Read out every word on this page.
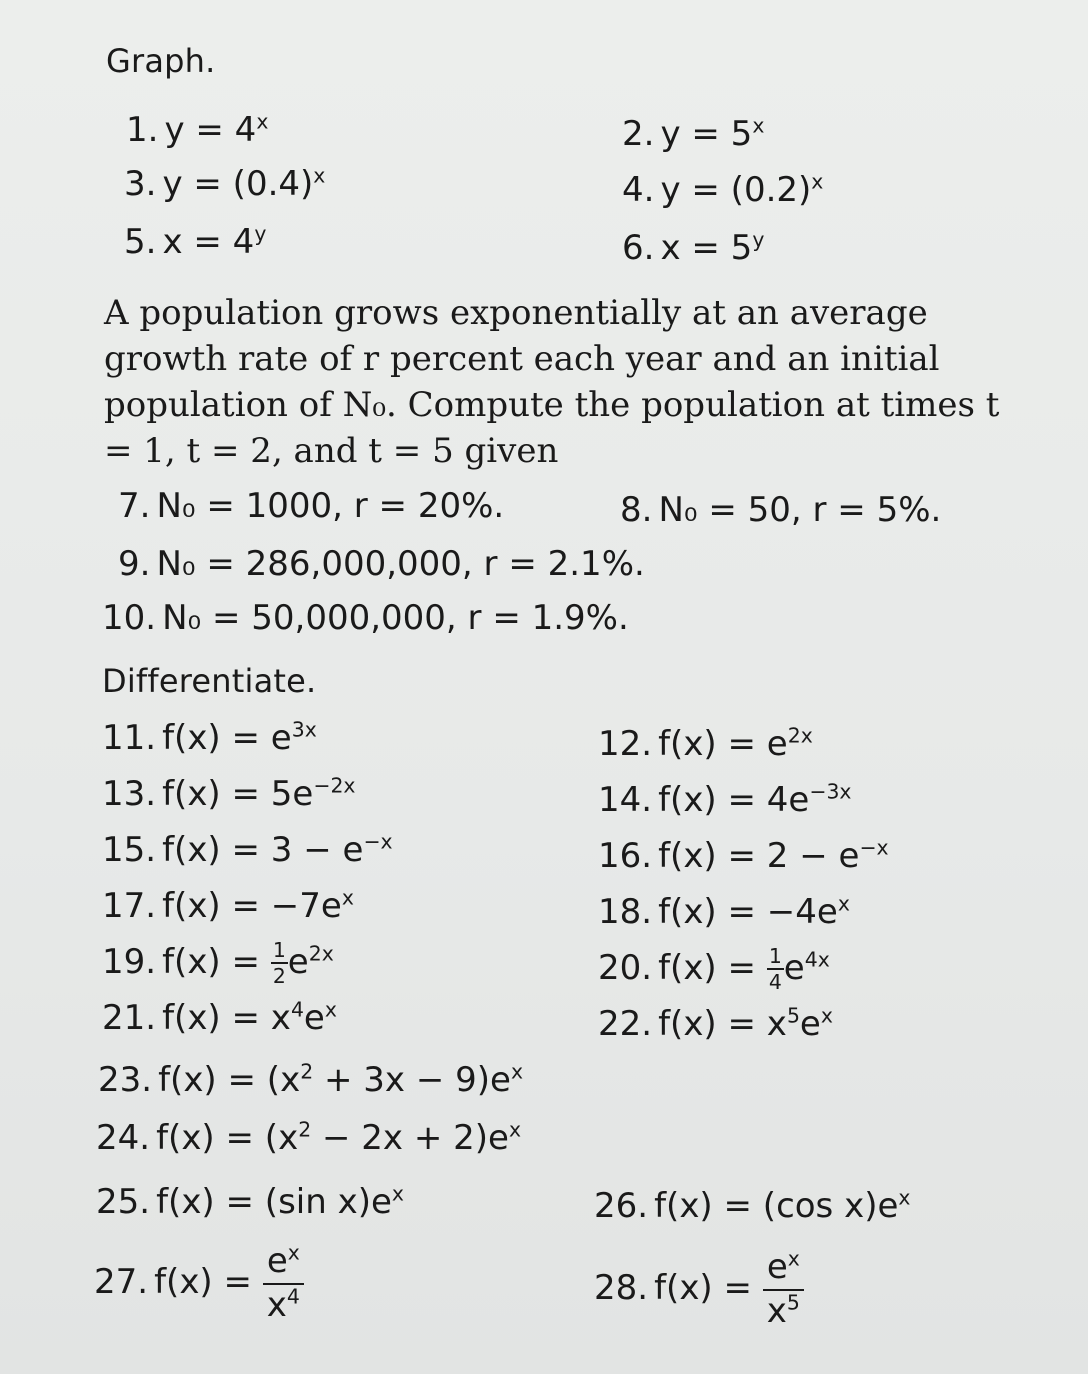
Graph.
1. $y = 4^x$	2. $y = 5^x$
3. $y = (0.4)^x$	4. $y = (0.2)^x$
5. $x = 4^y$	6. $x = 5^y$
A population grows exponentially at an average growth rate of r percent each year and an initial population of N₀. Compute the population at times t = 1, t = 2, and t = 5 given
7. N₀ = 1000, r = 20%.	8. N₀ = 50, r = 5%.
9. N₀ = 286,000,000, r = 2.1%.
10. N₀ = 50,000,000, r = 1.9%.
Differentiate.
11. $f(x) = e^{3x}$	12. $f(x) = e^{2x}$
13. $f(x) = 5e^{-2x}$	14. $f(x) = 4e^{-3x}$
15. $f(x) = 3 - e^{-x}$	16. $f(x) = 2 - e^{-x}$
17. $f(x) = -7e^x$	18. $f(x) = -4e^x$
19. $f(x) = \frac{1}{2} e^{2x}$	20. $f(x) = \frac{1}{4} e^{4x}$
21. $f(x) = x^4e^x$	22. $f(x) = x^5e^x$
23. $f(x) = (x^2 + 3x - 9)e^x$
24. $f(x) = (x^2 - 2x + 2)e^x$
25. f(x) = (sin $x)e^x$	26. f(x) = (cos $x)e^x$
27. $f(x) = \frac{e^x}{x^4}$	28. $f(x) = \frac{e^x}{x^5}$
